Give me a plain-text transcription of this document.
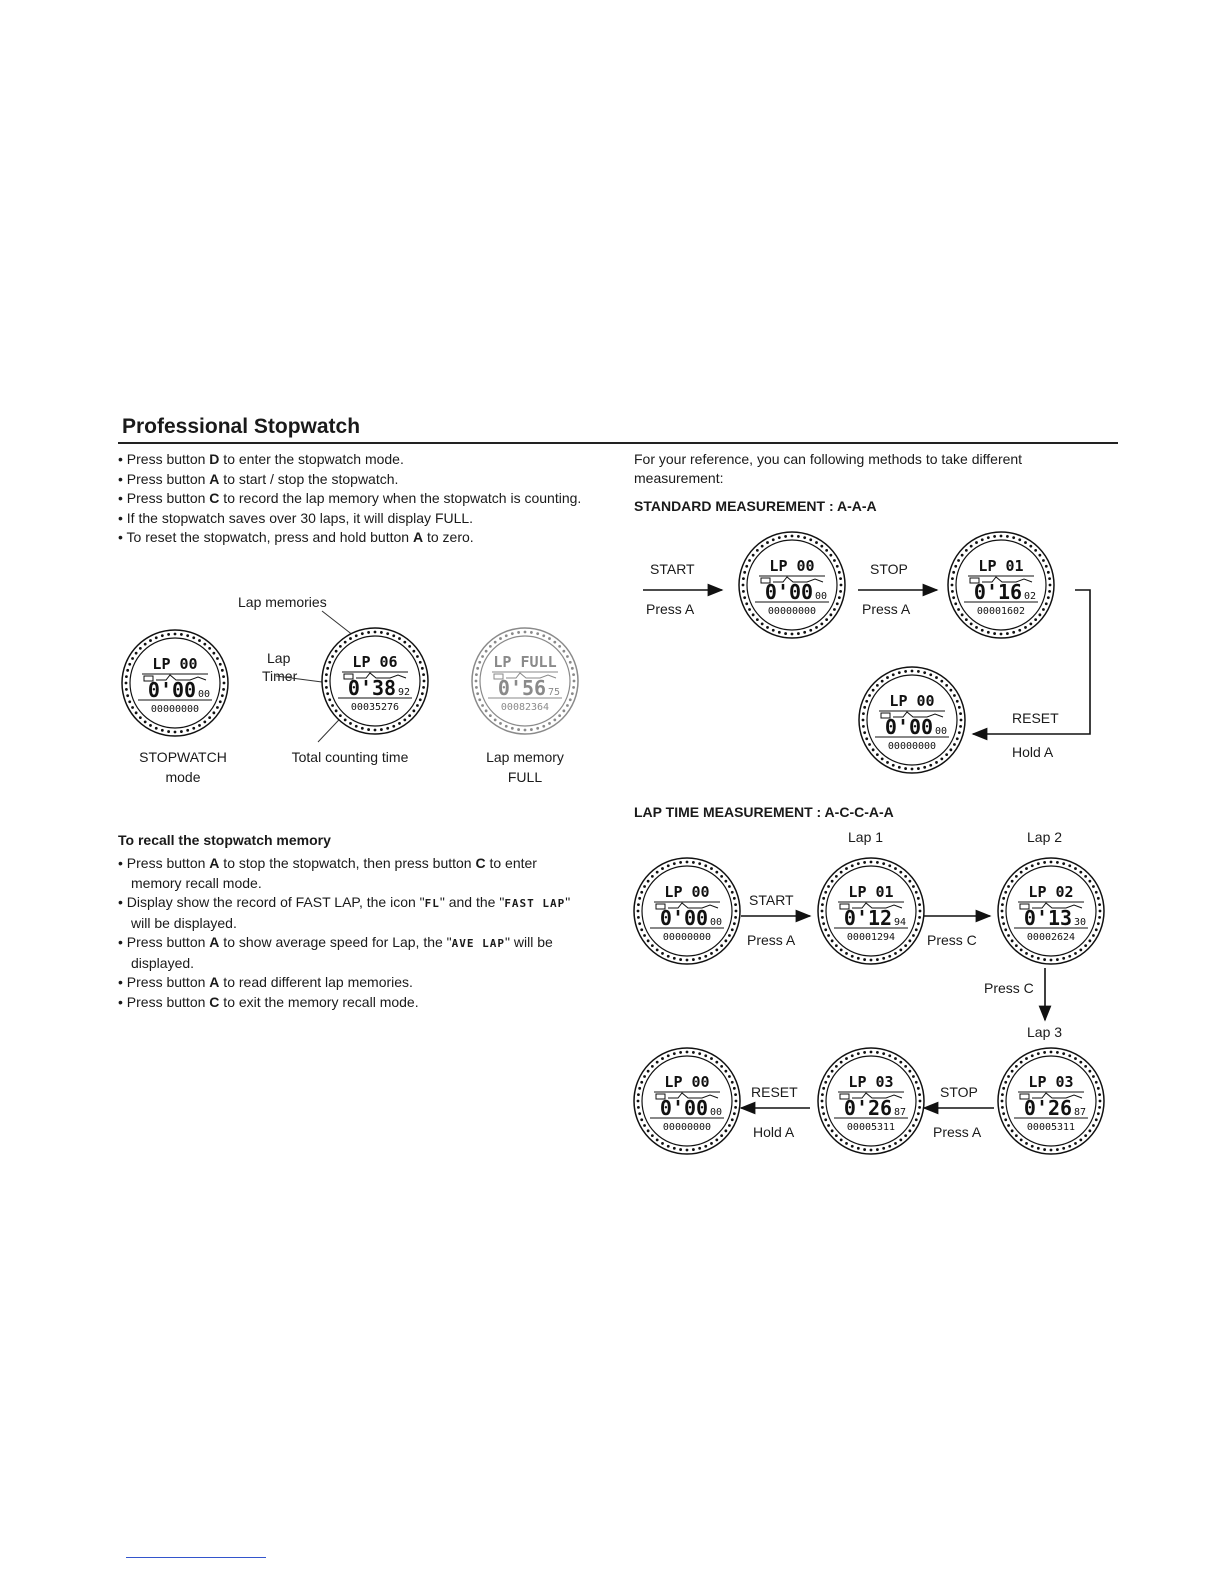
Professional Stopwatch
• Press button D to enter the stopwatch mode.
• Press button A to start / stop the stopwatch.
• Press button C to record the lap memory when the stopwatch is counting.
• If the stopwatch saves over 30 laps, it will display FULL.
• To reset the stopwatch, press and hold button A to zero.
Lap memories
Lap
Timer
STOPWATCH
mode
Total counting time	Lap memory
FULL
To recall the stopwatch memory
• Press button A to stop the stopwatch, then press button C to enter memory recall mode.
• Display show the record of FAST LAP, the icon "FL" and the "FAST LAP" will be displayed.
• Press button A to show average speed for Lap, the "AVE LAP" will be displayed.
• Press button A to read different lap memories.
• Press button C to exit the memory recall mode.
For your reference, you can following methods to take different measurement:
STANDARD MEASUREMENT : A-A-A
START
Press A
STOP
Press A
RESET
Hold A
LAP TIME MEASUREMENT : A-C-C-A-A
Lap 1	Lap 2
Lap 3
START
Press A	Press C
Press C
RESET
Hold A
STOP
Press A
LP 00
0'00 00
00000000
LP 06
0'38 92
00035276
LP FULL
0'56 75
00082364
LP 00
0'00 00
00000000
LP 01
0'16 02
00001602
LP 00
0'00 00
00000000
LP 00
0'00 00
00000000
LP 01
0'12 94
00001294
LP 02
0'13 30
00002624
LP 03
0'26 87
00005311
LP 03
0'26 87
00005311
LP 00
0'00 00
00000000
